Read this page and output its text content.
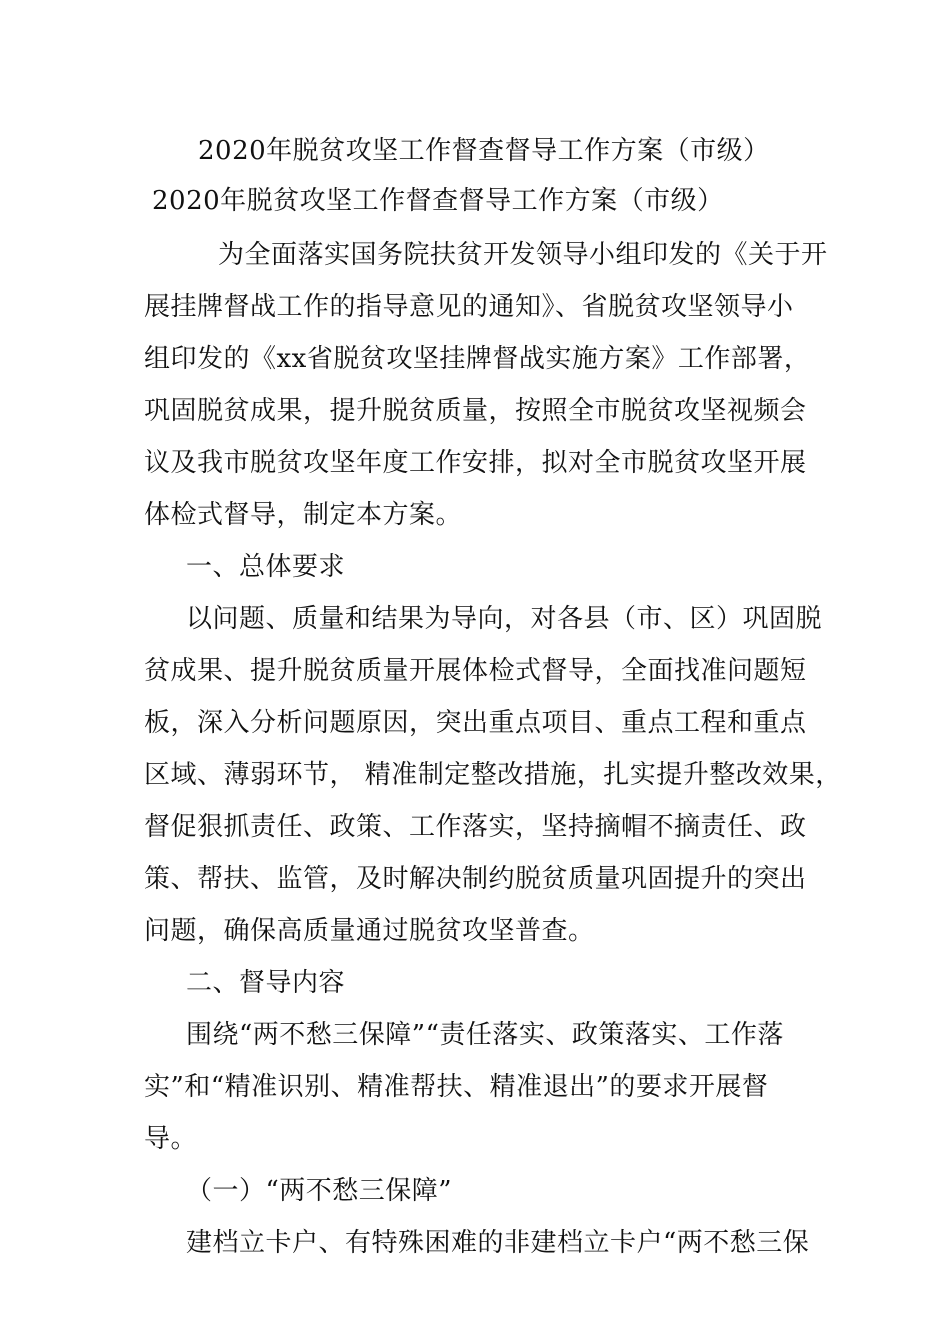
2020年脱贫攻坚工作督查督导工作方案（市级）
2020年脱贫攻坚工作督查督导工作方案（市级）
为全面落实国务院扶贫开发领导小组印发的《关于开
展挂牌督战工作的指导意见的通知》、省脱贫攻坚领导小
组印发的《xx省脱贫攻坚挂牌督战实施方案》工作部署，
巩固脱贫成果，提升脱贫质量，按照全市脱贫攻坚视频会
议及我市脱贫攻坚年度工作安排，拟对全市脱贫攻坚开展
体检式督导，制定本方案。
一、总体要求
以问题、质量和结果为导向，对各县（市、区）巩固脱
贫成果、提升脱贫质量开展体检式督导，全面找准问题短
板，深入分析问题原因，突出重点项目、重点工程和重点
区域、薄弱环节， 精准制定整改措施，扎实提升整改效果，
督促狠抓责任、政策、工作落实，坚持摘帽不摘责任、政
策、帮扶、监管，及时解决制约脱贫质量巩固提升的突出
问题，确保高质量通过脱贫攻坚普查。
二、督导内容
围绕“两不愁三保障”“责任落实、政策落实、工作落
实”和“精准识别、精准帮扶、精准退出”的要求开展督
导。
（一）“两不愁三保障”
建档立卡户、有特殊困难的非建档立卡户“两不愁三保
